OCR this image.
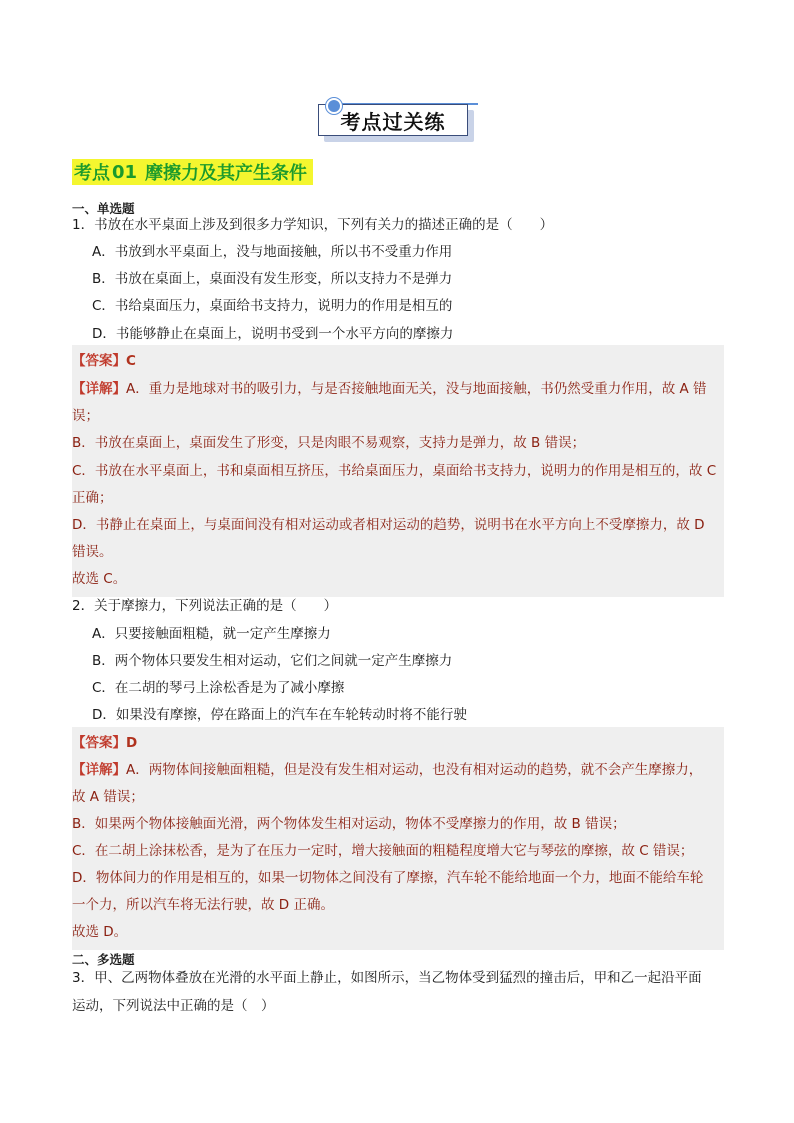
考点过关练
考点 01 摩擦力及其产生条件
一、单选题
1．书放在水平桌面上涉及到很多力学知识，下列有关力的描述正确的是（　　）
A．书放到水平桌面上，没与地面接触，所以书不受重力作用
B．书放在桌面上，桌面没有发生形变，所以支持力不是弹力
C．书给桌面压力，桌面给书支持力，说明力的作用是相互的
D．书能够静止在桌面上，说明书受到一个水平方向的摩擦力
【答案】C
【详解】A．重力是地球对书的吸引力，与是否接触地面无关，没与地面接触，书仍然受重力作用，故 A 错
误；
B．书放在桌面上，桌面发生了形变，只是肉眼不易观察，支持力是弹力，故 B 错误；
C．书放在水平桌面上，书和桌面相互挤压，书给桌面压力，桌面给书支持力，说明力的作用是相互的，故 C
正确；
D．书静止在桌面上，与桌面间没有相对运动或者相对运动的趋势，说明书在水平方向上不受摩擦力，故 D
错误。
故选 C。
2．关于摩擦力，下列说法正确的是（　　）
A．只要接触面粗糙，就一定产生摩擦力
B．两个物体只要发生相对运动，它们之间就一定产生摩擦力
C．在二胡的琴弓上涂松香是为了减小摩擦
D．如果没有摩擦，停在路面上的汽车在车轮转动时将不能行驶
【答案】D
【详解】A．两物体间接触面粗糙，但是没有发生相对运动，也没有相对运动的趋势，就不会产生摩擦力，
故 A 错误；
B．如果两个物体接触面光滑，两个物体发生相对运动，物体不受摩擦力的作用，故 B 错误；
C．在二胡上涂抹松香，是为了在压力一定时，增大接触面的粗糙程度增大它与琴弦的摩擦，故 C 错误；
D．物体间力的作用是相互的，如果一切物体之间没有了摩擦，汽车轮不能给地面一个力，地面不能给车轮
一个力，所以汽车将无法行驶，故 D 正确。
故选 D。
二、多选题
3．甲、乙两物体叠放在光滑的水平面上静止，如图所示，当乙物体受到猛烈的撞击后，甲和乙一起沿平面
运动，下列说法中正确的是（　）
